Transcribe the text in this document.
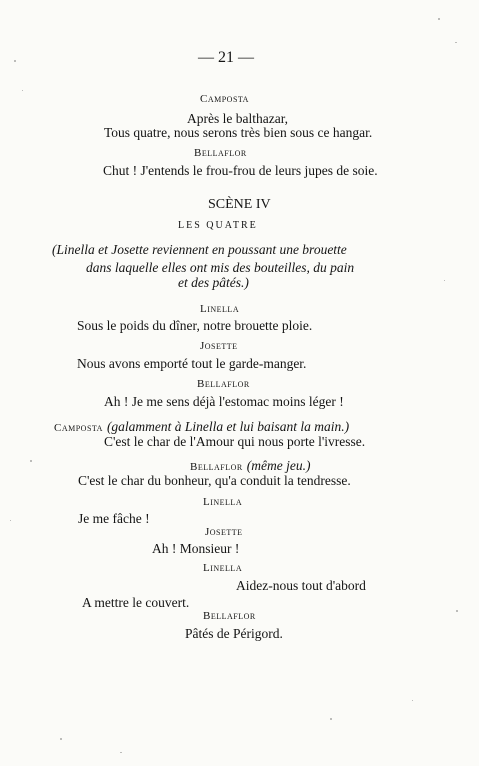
— 21 —
Camposta
Après le balthazar,
Tous quatre, nous serons très bien sous ce hangar.
Bellaflor
Chut ! J'entends le frou-frou de leurs jupes de soie.
SCÈNE IV
LES QUATRE
(Linella et Josette reviennent en poussant une brouette
dans laquelle elles ont mis des bouteilles, du pain
et des pâtés.)
Linella
Sous le poids du dîner, notre brouette ploie.
Josette
Nous avons emporté tout le garde-manger.
Bellaflor
Ah ! Je me sens déjà l'estomac moins léger !
Camposta (galamment à Linella et lui baisant la main.)
C'est le char de l'Amour qui nous porte l'ivresse.
Bellaflor (même jeu.)
C'est le char du bonheur, qu'a conduit la tendresse.
Linella
Je me fâche !
Josette
Ah ! Monsieur !
Linella
Aidez-nous tout d'abord
A mettre le couvert.
Bellaflor
Pâtés de Périgord.
